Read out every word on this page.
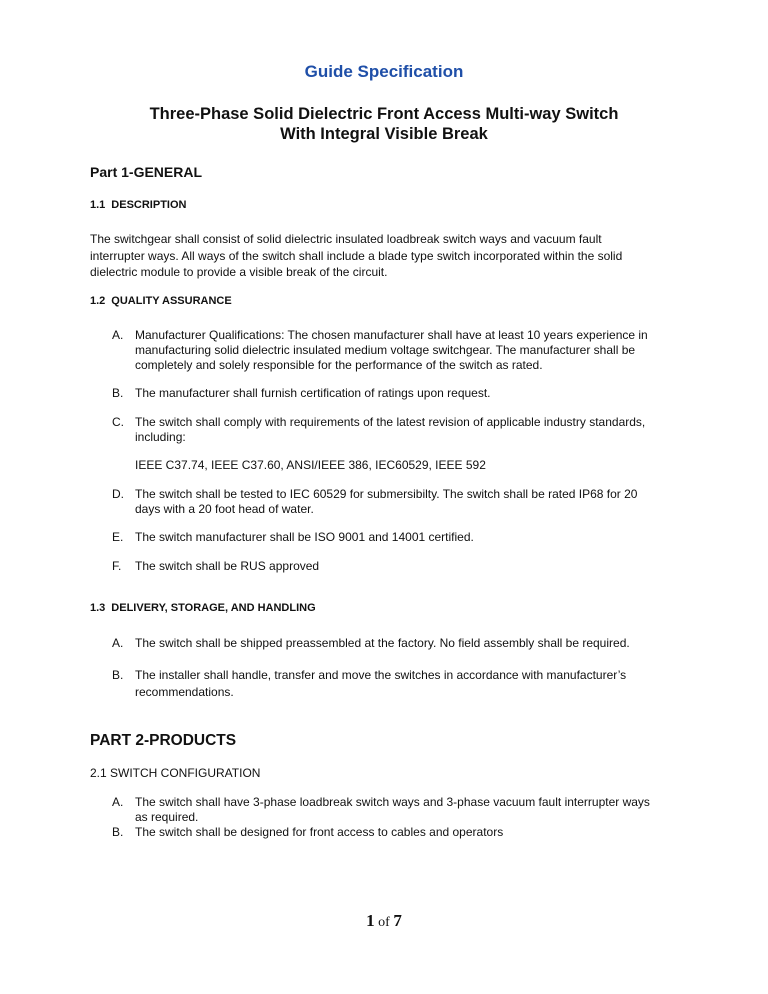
Guide Specification
Three-Phase Solid Dielectric Front Access Multi-way Switch
With Integral Visible Break
Part 1-GENERAL
1.1 DESCRIPTION
The switchgear shall consist of solid dielectric insulated loadbreak switch ways and vacuum fault
interrupter ways. All ways of the switch shall include a blade type switch incorporated within the solid
dielectric module to provide a visible break of the circuit.
1.2 QUALITY ASSURANCE
A. Manufacturer Qualifications: The chosen manufacturer shall have at least 10 years experience in
manufacturing solid dielectric insulated medium voltage switchgear. The manufacturer shall be
completely and solely responsible for the performance of the switch as rated.
B. The manufacturer shall furnish certification of ratings upon request.
C. The switch shall comply with requirements of the latest revision of applicable industry standards,
including:
IEEE C37.74, IEEE C37.60, ANSI/IEEE 386, IEC60529, IEEE 592
D. The switch shall be tested to IEC 60529 for submersibilty. The switch shall be rated IP68 for 20
days with a 20 foot head of water.
E. The switch manufacturer shall be ISO 9001 and 14001 certified.
F.	The switch shall be RUS approved
1.3 DELIVERY, STORAGE, AND HANDLING
A. The switch shall be shipped preassembled at the factory. No field assembly shall be required.
B. The installer shall handle, transfer and move the switches in accordance with manufacturer’s
recommendations.
PART 2-PRODUCTS
2.1 SWITCH CONFIGURATION
A. The switch shall have 3-phase loadbreak switch ways and 3-phase vacuum fault interrupter ways
as required.
B. The switch shall be designed for front access to cables and operators
1 of 7
